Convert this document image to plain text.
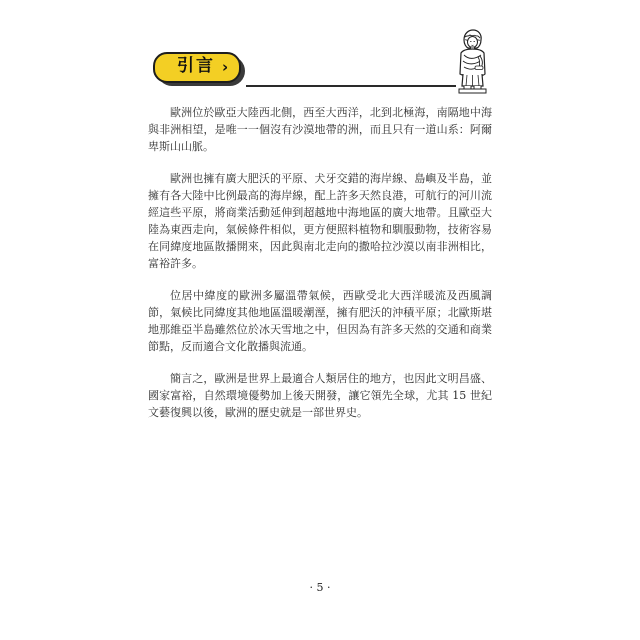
引言 ›

歐洲位於歐亞大陸西北側，西至大西洋，北到北極海，南隔地中海與非洲相望，是唯一一個沒有沙漠地帶的洲，而且只有一道山系：阿爾卑斯山山脈。

歐洲也擁有廣大肥沃的平原、犬牙交錯的海岸線、島嶼及半島，並擁有各大陸中比例最高的海岸線，配上許多天然良港，可航行的河川流經這些平原，將商業活動延伸到超越地中海地區的廣大地帶。且歐亞大陸為東西走向，氣候條件相似，更方便照料植物和馴服動物，技術容易在同緯度地區散播開來，因此與南北走向的撒哈拉沙漠以南非洲相比，富裕許多。

位居中緯度的歐洲多屬溫帶氣候，西歐受北大西洋暖流及西風調節，氣候比同緯度其他地區溫暖潮溼，擁有肥沃的沖積平原；北歐斯堪地那維亞半島雖然位於冰天雪地之中，但因為有許多天然的交通和商業節點，反而適合文化散播與流通。

簡言之，歐洲是世界上最適合人類居住的地方，也因此文明昌盛、國家富裕，自然環境優勢加上後天開發，讓它領先全球，尤其 15 世紀文藝復興以後，歐洲的歷史就是一部世界史。

· 5 ·
